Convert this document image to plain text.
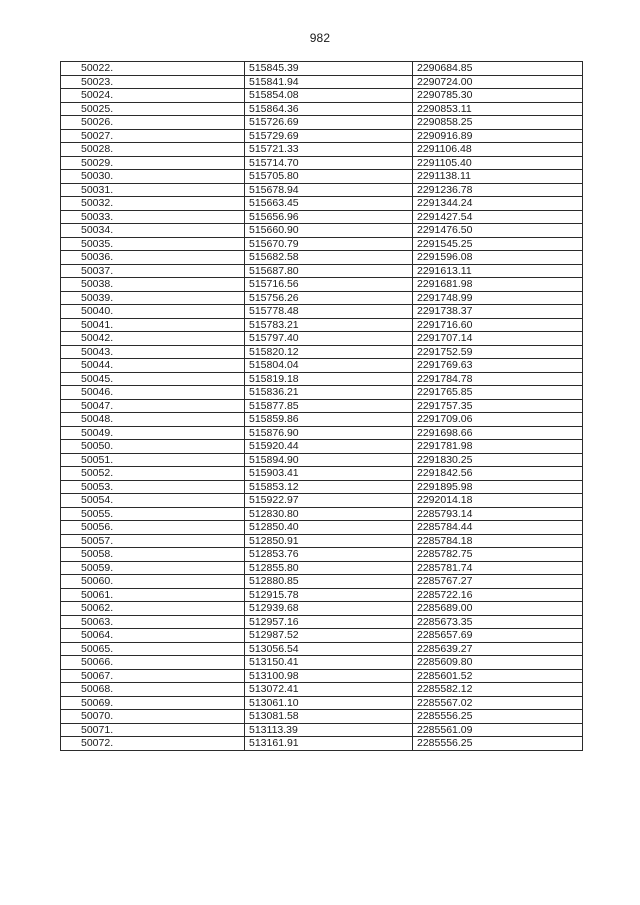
982
50022.	515845.39	2290684.85
50023.	515841.94	2290724.00
50024.	515854.08	2290785.30
50025.	515864.36	2290853.11
50026.	515726.69	2290858.25
50027.	515729.69	2290916.89
50028.	515721.33	2291106.48
50029.	515714.70	2291105.40
50030.	515705.80	2291138.11
50031.	515678.94	2291236.78
50032.	515663.45	2291344.24
50033.	515656.96	2291427.54
50034.	515660.90	2291476.50
50035.	515670.79	2291545.25
50036.	515682.58	2291596.08
50037.	515687.80	2291613.11
50038.	515716.56	2291681.98
50039.	515756.26	2291748.99
50040.	515778.48	2291738.37
50041.	515783.21	2291716.60
50042.	515797.40	2291707.14
50043.	515820.12	2291752.59
50044.	515804.04	2291769.63
50045.	515819.18	2291784.78
50046.	515836.21	2291765.85
50047.	515877.85	2291757.35
50048.	515859.86	2291709.06
50049.	515876.90	2291698.66
50050.	515920.44	2291781.98
50051.	515894.90	2291830.25
50052.	515903.41	2291842.56
50053.	515853.12	2291895.98
50054.	515922.97	2292014.18
50055.	512830.80	2285793.14
50056.	512850.40	2285784.44
50057.	512850.91	2285784.18
50058.	512853.76	2285782.75
50059.	512855.80	2285781.74
50060.	512880.85	2285767.27
50061.	512915.78	2285722.16
50062.	512939.68	2285689.00
50063.	512957.16	2285673.35
50064.	512987.52	2285657.69
50065.	513056.54	2285639.27
50066.	513150.41	2285609.80
50067.	513100.98	2285601.52
50068.	513072.41	2285582.12
50069.	513061.10	2285567.02
50070.	513081.58	2285556.25
50071.	513113.39	2285561.09
50072.	513161.91	2285556.25
